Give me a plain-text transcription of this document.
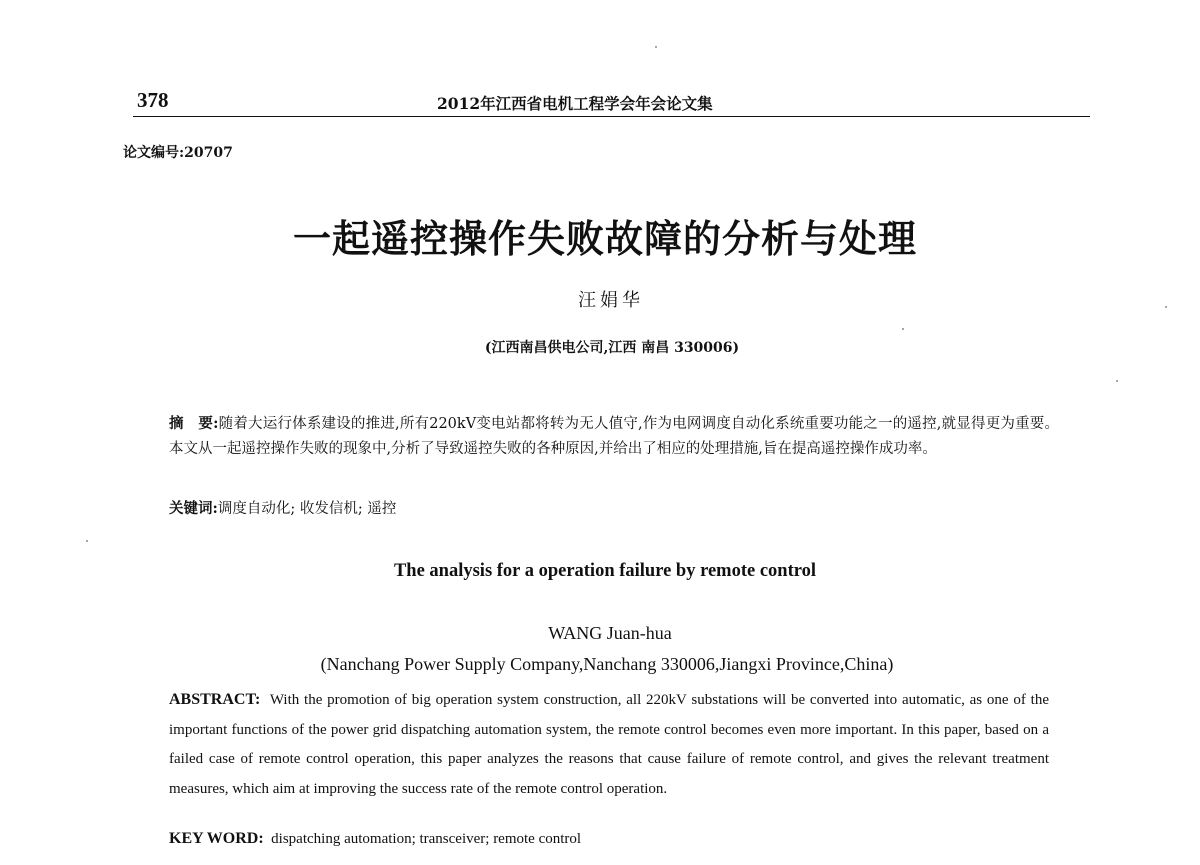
378	2012年江西省电机工程学会年会论文集
论文编号:20707
一起遥控操作失败故障的分析与处理
汪娟华
(江西南昌供电公司,江西 南昌 330006)
摘　要:随着大运行体系建设的推进,所有220kV变电站都将转为无人值守,作为电网调度自动化系统重要功能之一的遥控,就显得更为重要。本文从一起遥控操作失败的现象中,分析了导致遥控失败的各种原因,并给出了相应的处理措施,旨在提高遥控操作成功率。
关键词:调度自动化; 收发信机; 遥控
The analysis for a operation failure by remote control
WANG Juan-hua
(Nanchang Power Supply Company,Nanchang 330006,Jiangxi Province,China)
ABSTRACT: With the promotion of big operation system construction, all 220kV substations will be converted into automatic, as one of the important functions of the power grid dispatching automation system, the remote control becomes even more important. In this paper, based on a failed case of remote control operation, this paper analyzes the reasons that cause failure of remote control, and gives the relevant treatment measures, which aim at improving the success rate of the remote control operation.
KEY WORD: dispatching automation; transceiver; remote control
